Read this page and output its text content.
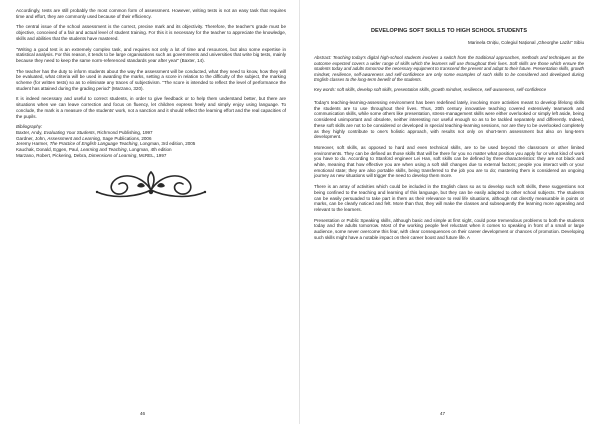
Accordingly, tests are still probably the most common form of assessment. However, writing tests is not an easy task that requires time and effort, they are commonly used because of their efficiency.

The central issue of the school assessment is the correct, precise mark and its objectivity. Therefore, the teacher's grade must be objective, conceived of a fair and actual level of student training. For this it is necessary for the teacher to appreciate the knowledge, skills and abilities that the students have mastered.

"Writing a good test is an extremely complex task, and requires not only a lot of time and resources, but also some expertise in statistical analysis. For this reason, it tends to be large organisations such as governments and universities that write big tests, mainly because they need to keep the same norm-referenced standards year after year" (Baxter, 14).

The teacher has the duty to inform students about the way the assessment will be conducted, what they need to know, how they will be evaluated, what criteria will be used in awarding the marks, setting a score in relation to the difficulty of the subject, the marking scheme (for written tests) so as to eliminate any traces of subjectivism. "The score is intended to reflect the level of performance the student has attained during the grading period" (Marzano, 320).

It is indeed necessary and useful to correct students, in order to give feedback or to help them understand better, but there are situations when we can leave correction and focus on fluency, let children express freely and simply enjoy using language. To conclude, the mark is a measure of the students' work, not a sanction and it should reflect the learning effort and the real capacities of the pupils.

Bibliography:
Baxter, Andy, Evaluating Your Students, Richmond Publishing, 1997
Gardner, John, Assessment and Learning, Sage Publications, 2006
Jeremy Harmer, The Practice of English Language Teaching, Longman, 3rd edition, 2005
Kauchak, Donald, Eggen, Paul, Learning and Teaching, Longman, 4th edition
Marzano, Robert, Pickering, Debra, Dimensions of Learning, McREL, 1997
46
DEVELOPING SOFT SKILLS TO HIGH SCHOOL STUDENTS
Marinela Onițiu, Colegiul Național „Gheorghe Lazăr” Sibiu

Abstract: Teaching today's digital high-school students involves a switch from the traditional approaches, methods and techniques as the outcome expected covers a wider range of skills which the learners will use throughout their lives. Soft skills are those which ensure the students today and adults tomorrow the necessary equipment to transcend the present and adapt to their future. Presentation skills, growth mindset, resilience, self-awareness and self-confidence are only some examples of such skills to be considered and developed during English classes to the long-term benefit of the students.

Key words: soft skills, develop soft skills, presentation skills, growth mindset, resilience, self-awareness, self-confidence

Today's teaching-learning-assessing environment has been redefined lately, involving more activities meant to develop lifelong skills the students are to use throughout their lives. Thus, 20th century innovative teaching covered extensively teamwork and communication skills, while some others like presentation, stress-management skills were either overlooked or simply left aside, being considered unimportant and obsolete, neither interesting nor useful enough so as to be tackled separately and differently. Indeed, these soft skills are not to be considered or developed in special teaching-learning sessions, nor are they to be overlooked completely as they highly contribute to one's holistic approach, with results not only on short-term assessment but also on long-term development.

Moreover, soft skills, as opposed to hard and even technical skills, are to be used beyond the classroom or other limited environments. They can be defined as those skills that will be there for you no matter what position you apply for or what kind of work you have to do. According to Stanford engineer Lei Han, soft skills can be defined by three characteristics: they are not black and white, meaning that how effective you are when using a soft skill changes due to external factors; people you interact with or your emotional state; they are also portable skills, being transferred to the job you are to do; mastering them is considered an ongoing journey as new situations will trigger the need to develop them more.

There is an array of activities which could be included in the English class so as to develop such soft skills, these suggestions not being confined to the teaching and learning of this language, but they can be easily adapted to other school subjects. The students can be easily persuaded to take part in them as their relevance to real life situations, although not directly measurable in points or marks, can be clearly noticed and felt. More than that, they will make the classes and subsequently the learning more appealing and relevant to the learners.

Presentation or Public Speaking skills, although basic and simple at first sight, could pose tremendous problems to both the students today and the adults tomorrow. Most of the working people feel reluctant when it comes to speaking in front of a small or large audience, some never overcome this fear, with clear consequences on their career development or chances of promotion. Developing such skills might have a notable impact on their career boost and future life. A

47
